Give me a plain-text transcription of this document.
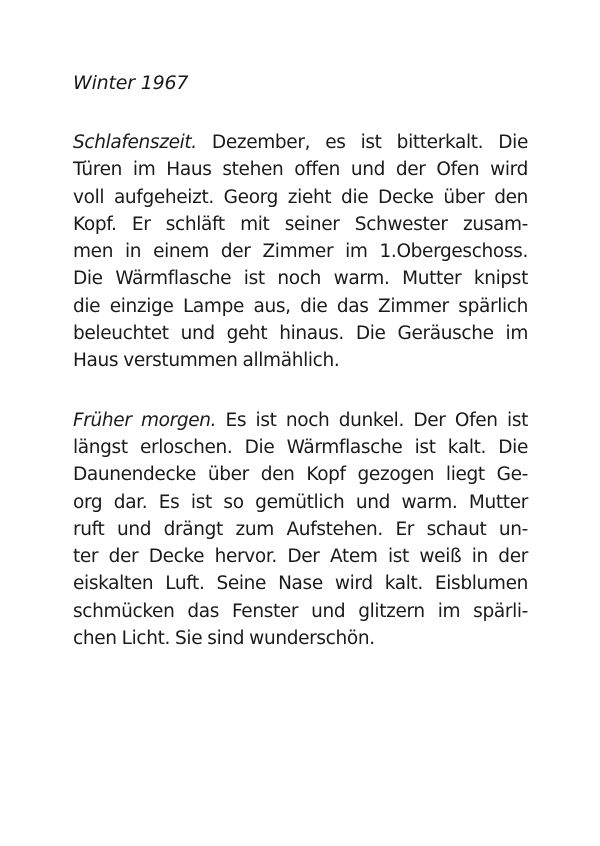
Winter 1967
Schlafenszeit. Dezember, es ist bitterkalt. Die
Türen im Haus stehen offen und der Ofen wird
voll aufgeheizt. Georg zieht die Decke über den
Kopf. Er schläft mit seiner Schwester zusam-
men in einem der Zimmer im 1.Obergeschoss.
Die Wärmflasche ist noch warm. Mutter knipst
die einzige Lampe aus, die das Zimmer spärlich
beleuchtet und geht hinaus. Die Geräusche im
Haus verstummen allmählich.
Früher morgen. Es ist noch dunkel. Der Ofen ist
längst erloschen. Die Wärmflasche ist kalt. Die
Daunendecke über den Kopf gezogen liegt Ge-
org dar. Es ist so gemütlich und warm. Mutter
ruft und drängt zum Aufstehen. Er schaut un-
ter der Decke hervor. Der Atem ist weiß in der
eiskalten Luft. Seine Nase wird kalt. Eisblumen
schmücken das Fenster und glitzern im spärli-
chen Licht. Sie sind wunderschön.
